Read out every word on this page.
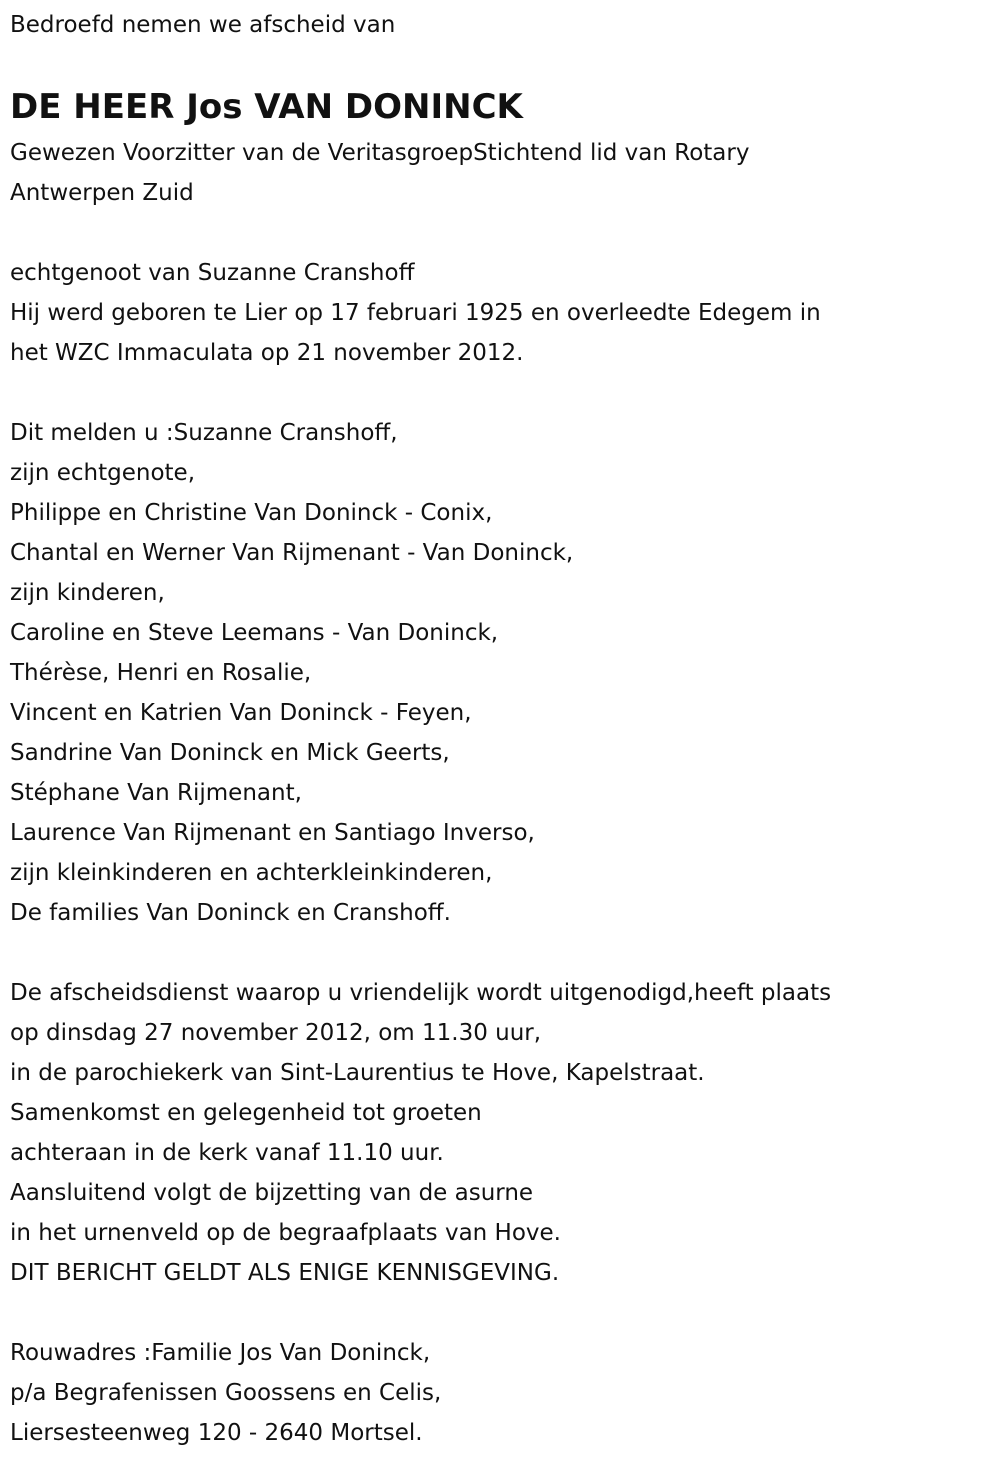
Bedroefd nemen we afscheid van
DE HEER Jos VAN DONINCK
Gewezen Voorzitter van de VeritasgroepStichtend lid van Rotary
Antwerpen Zuid
echtgenoot van Suzanne Cranshoff
Hij werd geboren te Lier op 17 februari 1925 en overleedte Edegem in
het WZC Immaculata op 21 november 2012.
Dit melden u :Suzanne Cranshoff,
zijn echtgenote,
Philippe en Christine Van Doninck - Conix,
Chantal en Werner Van Rijmenant - Van Doninck,
zijn kinderen,
Caroline en Steve Leemans - Van Doninck,
Thérèse, Henri en Rosalie,
Vincent en Katrien Van Doninck - Feyen,
Sandrine Van Doninck en Mick Geerts,
Stéphane Van Rijmenant,
Laurence Van Rijmenant en Santiago Inverso,
zijn kleinkinderen en achterkleinkinderen,
De families Van Doninck en Cranshoff.
De afscheidsdienst waarop u vriendelijk wordt uitgenodigd,heeft plaats
op dinsdag 27 november 2012, om 11.30 uur,
in de parochiekerk van Sint-Laurentius te Hove, Kapelstraat.
Samenkomst en gelegenheid tot groeten
achteraan in de kerk vanaf 11.10 uur.
Aansluitend volgt de bijzetting van de asurne
in het urnenveld op de begraafplaats van Hove.
DIT BERICHT GELDT ALS ENIGE KENNISGEVING.
Rouwadres :Familie Jos Van Doninck,
p/a Begrafenissen Goossens en Celis,
Liersesteenweg 120 - 2640 Mortsel.
